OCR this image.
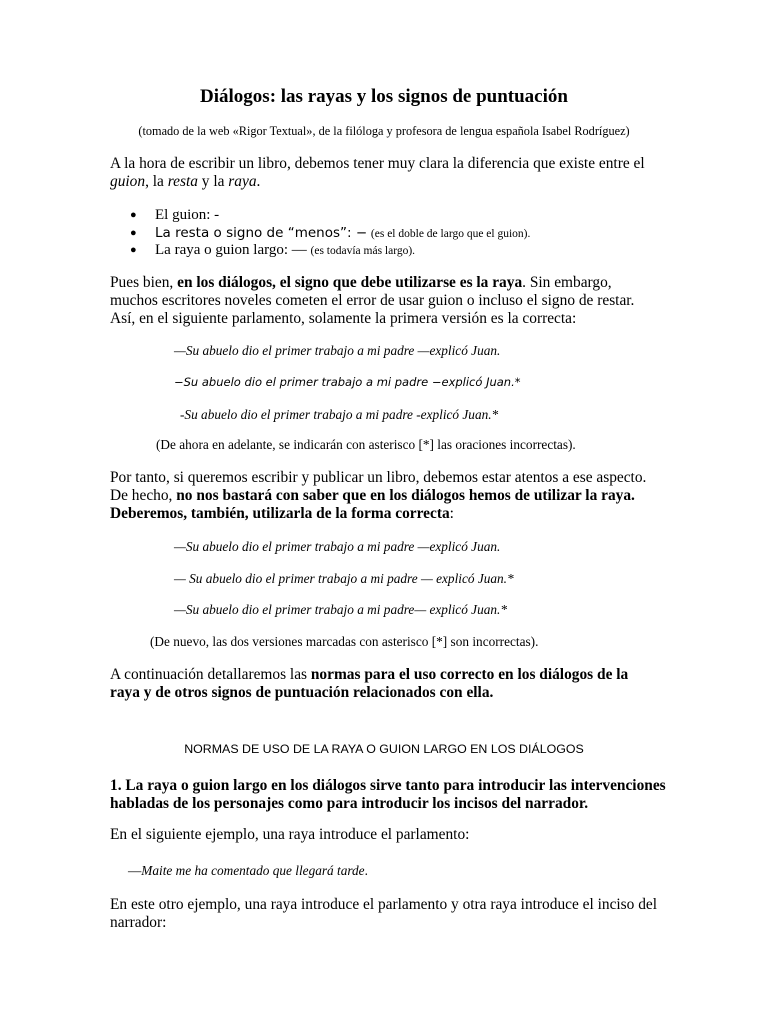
Diálogos: las rayas y los signos de puntuación
(tomado de la web «Rigor Textual», de la filóloga y profesora de lengua española Isabel Rodríguez)
A la hora de escribir un libro, debemos tener muy clara la diferencia que existe entre el
guion, la resta y la raya.
● El guion: -
● La resta o signo de “menos”: − (es el doble de largo que el guion).
● La raya o guion largo: — (es todavía más largo).
Pues bien, en los diálogos, el signo que debe utilizarse es la raya. Sin embargo,
muchos escritores noveles cometen el error de usar guion o incluso el signo de restar.
Así, en el siguiente parlamento, solamente la primera versión es la correcta:
—Su abuelo dio el primer trabajo a mi padre —explicó Juan.
−Su abuelo dio el primer trabajo a mi padre −explicó Juan.*
-Su abuelo dio el primer trabajo a mi padre -explicó Juan.*
(De ahora en adelante, se indicarán con asterisco [*] las oraciones incorrectas).
Por tanto, si queremos escribir y publicar un libro, debemos estar atentos a ese aspecto.
De hecho, no nos bastará con saber que en los diálogos hemos de utilizar la raya.
Deberemos, también, utilizarla de la forma correcta:
—Su abuelo dio el primer trabajo a mi padre —explicó Juan.
— Su abuelo dio el primer trabajo a mi padre — explicó Juan.*
—Su abuelo dio el primer trabajo a mi padre— explicó Juan.*
(De nuevo, las dos versiones marcadas con asterisco [*] son incorrectas).
A continuación detallaremos las normas para el uso correcto en los diálogos de la
raya y de otros signos de puntuación relacionados con ella.
NORMAS DE USO DE LA RAYA O GUION LARGO EN LOS DIÁLOGOS
1. La raya o guion largo en los diálogos sirve tanto para introducir las intervenciones
habladas de los personajes como para introducir los incisos del narrador.
En el siguiente ejemplo, una raya introduce el parlamento:
—Maite me ha comentado que llegará tarde.
En este otro ejemplo, una raya introduce el parlamento y otra raya introduce el inciso del
narrador:
